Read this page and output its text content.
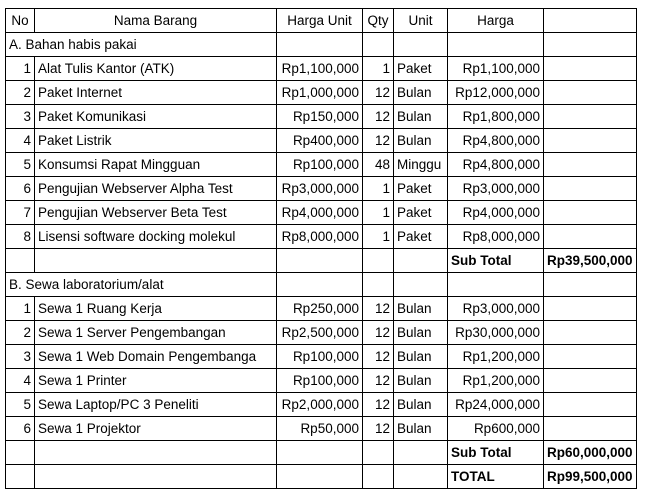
No	Nama Barang	Harga Unit	Qty	Unit	Harga	
A. Bahan habis pakai						
1	Alat Tulis Kantor (ATK)	Rp1,100,000	1	Paket	Rp1,100,000	
2	Paket Internet	Rp1,000,000	12	Bulan	Rp12,000,000	
3	Paket Komunikasi	Rp150,000	12	Bulan	Rp1,800,000	
4	Paket Listrik	Rp400,000	12	Bulan	Rp4,800,000	
5	Konsumsi Rapat Mingguan	Rp100,000	48	Minggu	Rp4,800,000	
6	Pengujian Webserver Alpha Test	Rp3,000,000	1	Paket	Rp3,000,000	
7	Pengujian Webserver Beta Test	Rp4,000,000	1	Paket	Rp4,000,000	
8	Lisensi software docking molekul	Rp8,000,000	1	Paket	Rp8,000,000	
					Sub Total	Rp39,500,000
B. Sewa laboratorium/alat						
1	Sewa 1 Ruang Kerja	Rp250,000	12	Bulan	Rp3,000,000	
2	Sewa 1 Server Pengembangan	Rp2,500,000	12	Bulan	Rp30,000,000	
3	Sewa 1 Web Domain Pengembanga	Rp100,000	12	Bulan	Rp1,200,000	
4	Sewa 1 Printer	Rp100,000	12	Bulan	Rp1,200,000	
5	Sewa Laptop/PC 3 Peneliti	Rp2,000,000	12	Bulan	Rp24,000,000	
6	Sewa 1 Projektor	Rp50,000	12	Bulan	Rp600,000	
					Sub Total	Rp60,000,000
					TOTAL	Rp99,500,000
